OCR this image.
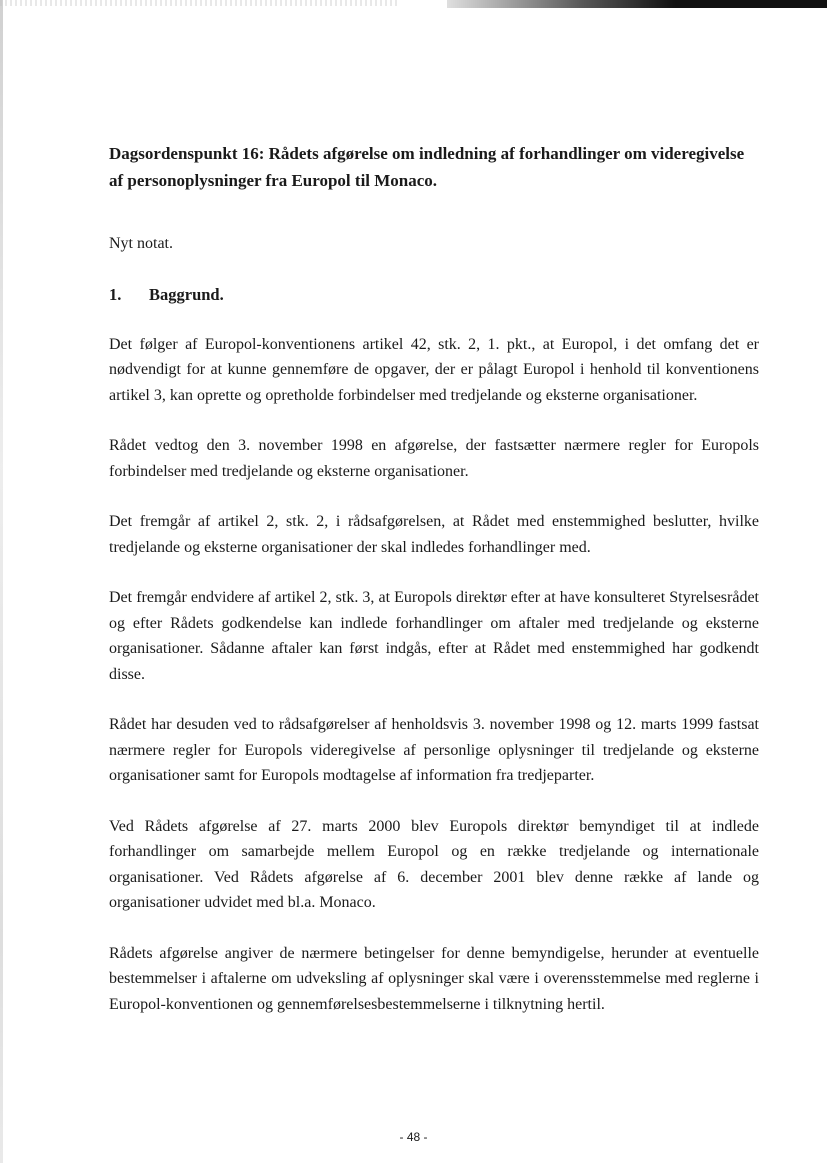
Dagsordenspunkt 16: Rådets afgørelse om indledning af forhandlinger om videregivelse af personoplysninger fra Europol til Monaco.

Nyt notat.

1.	Baggrund.

Det følger af Europol-konventionens artikel 42, stk. 2, 1. pkt., at Europol, i det omfang det er nødvendigt for at kunne gennemføre de opgaver, der er pålagt Europol i henhold til konventionens artikel 3, kan oprette og opretholde forbindelser med tredjelande og eksterne organisationer.

Rådet vedtog den 3. november 1998 en afgørelse, der fastsætter nærmere regler for Europols forbindelser med tredjelande og eksterne organisationer.

Det fremgår af artikel 2, stk. 2, i rådsafgørelsen, at Rådet med enstemmighed beslutter, hvilke tredjelande og eksterne organisationer der skal indledes forhandlinger med.

Det fremgår endvidere af artikel 2, stk. 3, at Europols direktør efter at have konsulteret Styrelsesrådet og efter Rådets godkendelse kan indlede forhandlinger om aftaler med tredjelande og eksterne organisationer. Sådanne aftaler kan først indgås, efter at Rådet med enstemmighed har godkendt disse.

Rådet har desuden ved to rådsafgørelser af henholdsvis 3. november 1998 og 12. marts 1999 fastsat nærmere regler for Europols videregivelse af personlige oplysninger til tredjelande og eksterne organisationer samt for Europols modtagelse af information fra tredjeparter.

Ved Rådets afgørelse af 27. marts 2000 blev Europols direktør bemyndiget til at indlede forhandlinger om samarbejde mellem Europol og en række tredjelande og internationale organisationer. Ved Rådets afgørelse af 6. december 2001 blev denne række af lande og organisationer udvidet med bl.a. Monaco.

Rådets afgørelse angiver de nærmere betingelser for denne bemyndigelse, herunder at eventuelle bestemmelser i aftalerne om udveksling af oplysninger skal være i overensstemmelse med reglerne i Europol-konventionen og gennemførelsesbestemmelserne i tilknytning hertil.

- 48 -
